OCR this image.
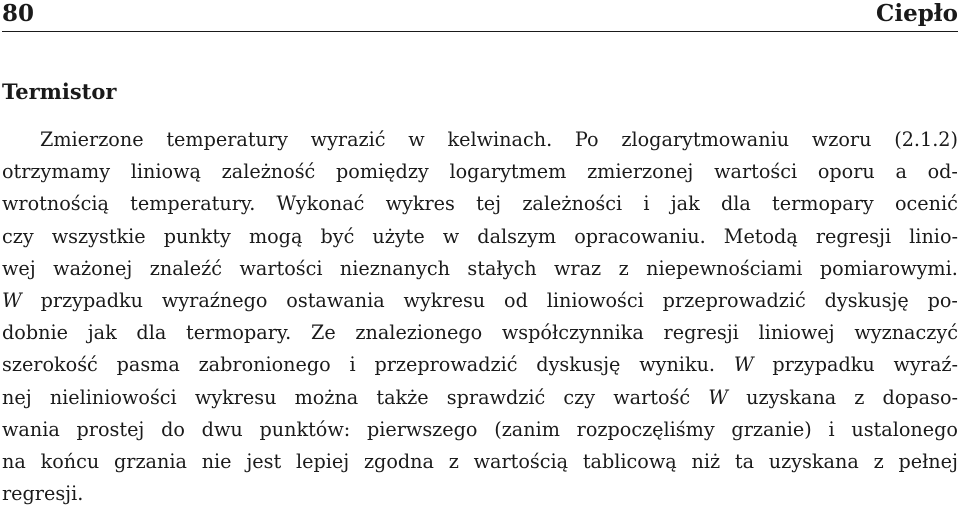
80	Ciepło
Termistor
Zmierzone temperatury wyrazić w kelwinach. Po zlogarytmowaniu wzoru (2.1.2)
otrzymamy liniową zależność pomiędzy logarytmem zmierzonej wartości oporu a od-
wrotnością temperatury. Wykonać wykres tej zależności i jak dla termopary ocenić
czy wszystkie punkty mogą być użyte w dalszym opracowaniu. Metodą regresji linio-
wej ważonej znaleźć wartości nieznanych stałych wraz z niepewnościami pomiarowymi.
W przypadku wyraźnego ostawania wykresu od liniowości przeprowadzić dyskusję po-
dobnie jak dla termopary. Ze znalezionego współczynnika regresji liniowej wyznaczyć
szerokość pasma zabronionego i przeprowadzić dyskusję wyniku. W przypadku wyraź-
nej nieliniowości wykresu można także sprawdzić czy wartość W uzyskana z dopaso-
wania prostej do dwu punktów: pierwszego (zanim rozpoczęliśmy grzanie) i ustalonego
na końcu grzania nie jest lepiej zgodna z wartością tablicową niż ta uzyskana z pełnej
regresji.
